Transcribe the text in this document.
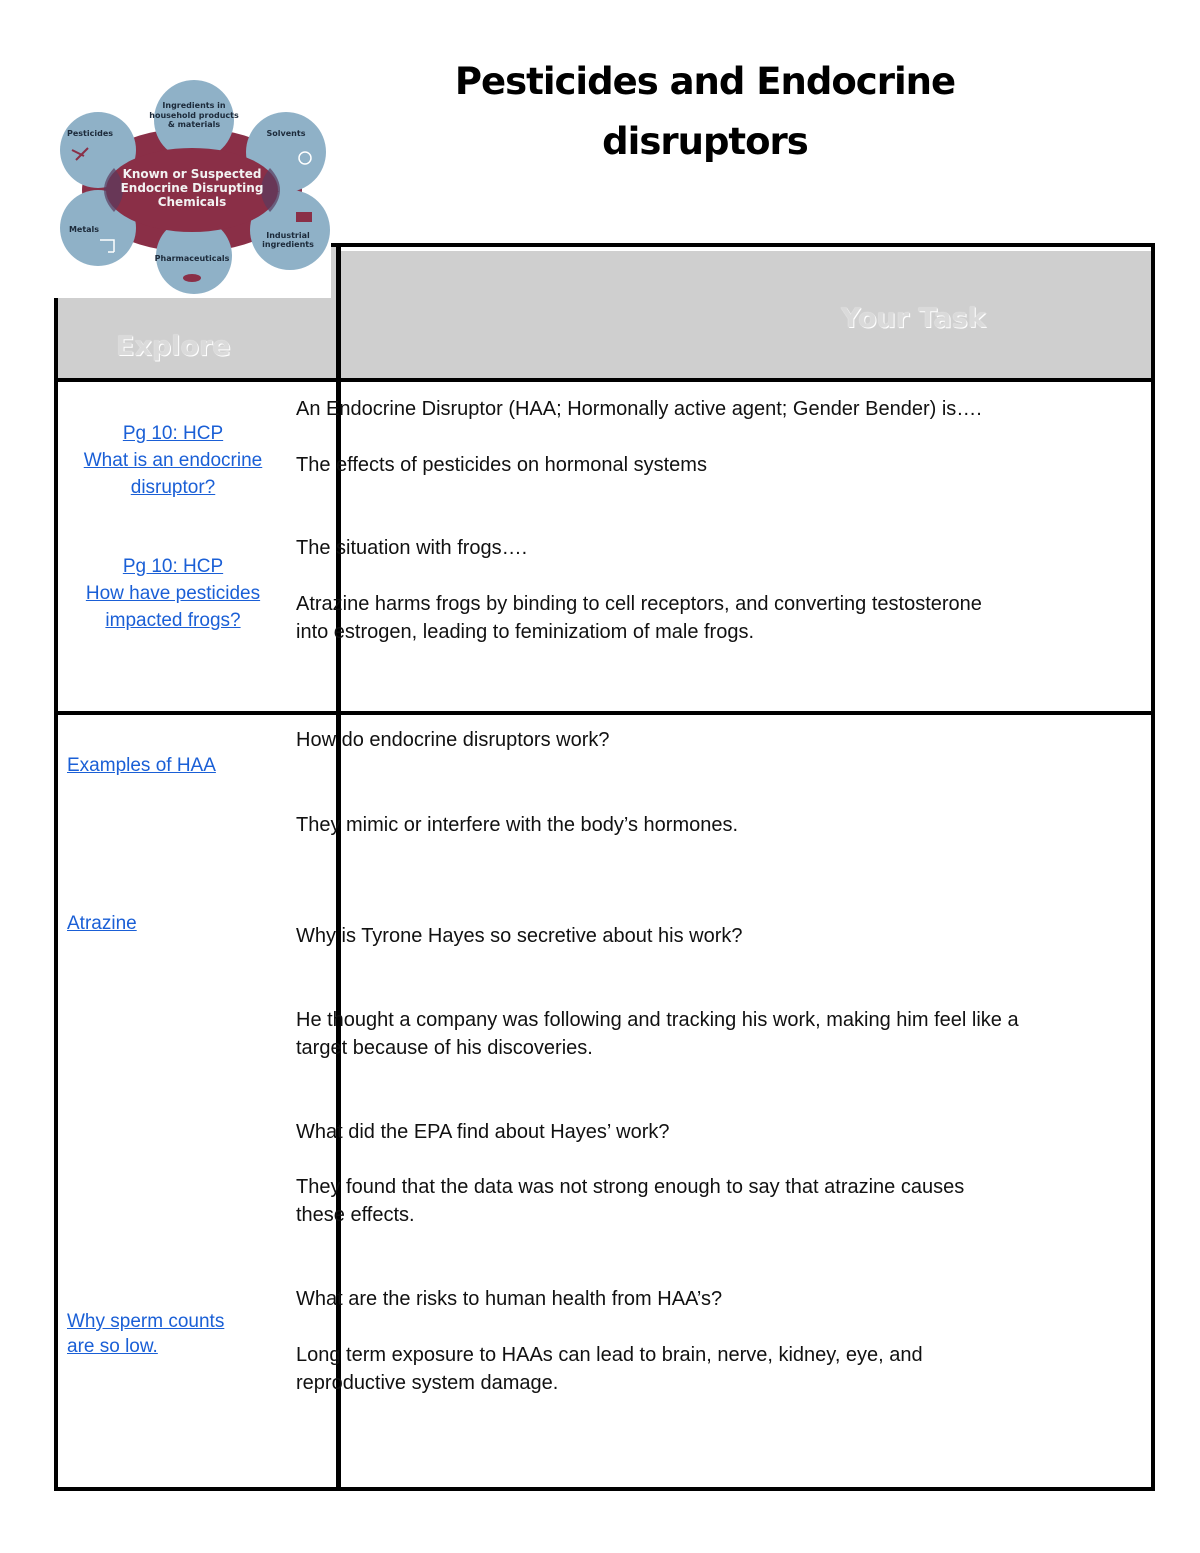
Pesticides and Endocrine
disruptors
Known or Suspected
Endocrine Disrupting
Chemicals
Ingredients in
household products
& materials
Solvents
Industrial
ingredients
Pharmaceuticals
Metals
Pesticides
Explore
Your Task
Pg 10: HCP
What is an endocrine
disruptor?
Pg 10: HCP
How have pesticides
impacted frogs?
An Endocrine Disruptor (HAA; Hormonally active agent; Gender Bender) is….
The effects of pesticides on hormonal systems
The situation with frogs….
Atrazine harms frogs by binding to cell receptors, and converting testosterone
into estrogen, leading to feminizatiom of male frogs.
Examples of HAA
Atrazine
Why sperm counts
are so low.
How do endocrine disruptors work?
They mimic or interfere with the body’s hormones.
Why is Tyrone Hayes so secretive about his work?
He thought a company was following and tracking his work, making him feel like a
target because of his discoveries.
What did the EPA find about Hayes’ work?
They found that the data was not strong enough to say that atrazine causes
these effects.
What are the risks to human health from HAA’s?
Long term exposure to HAAs can lead to brain, nerve, kidney, eye, and
reproductive system damage.
